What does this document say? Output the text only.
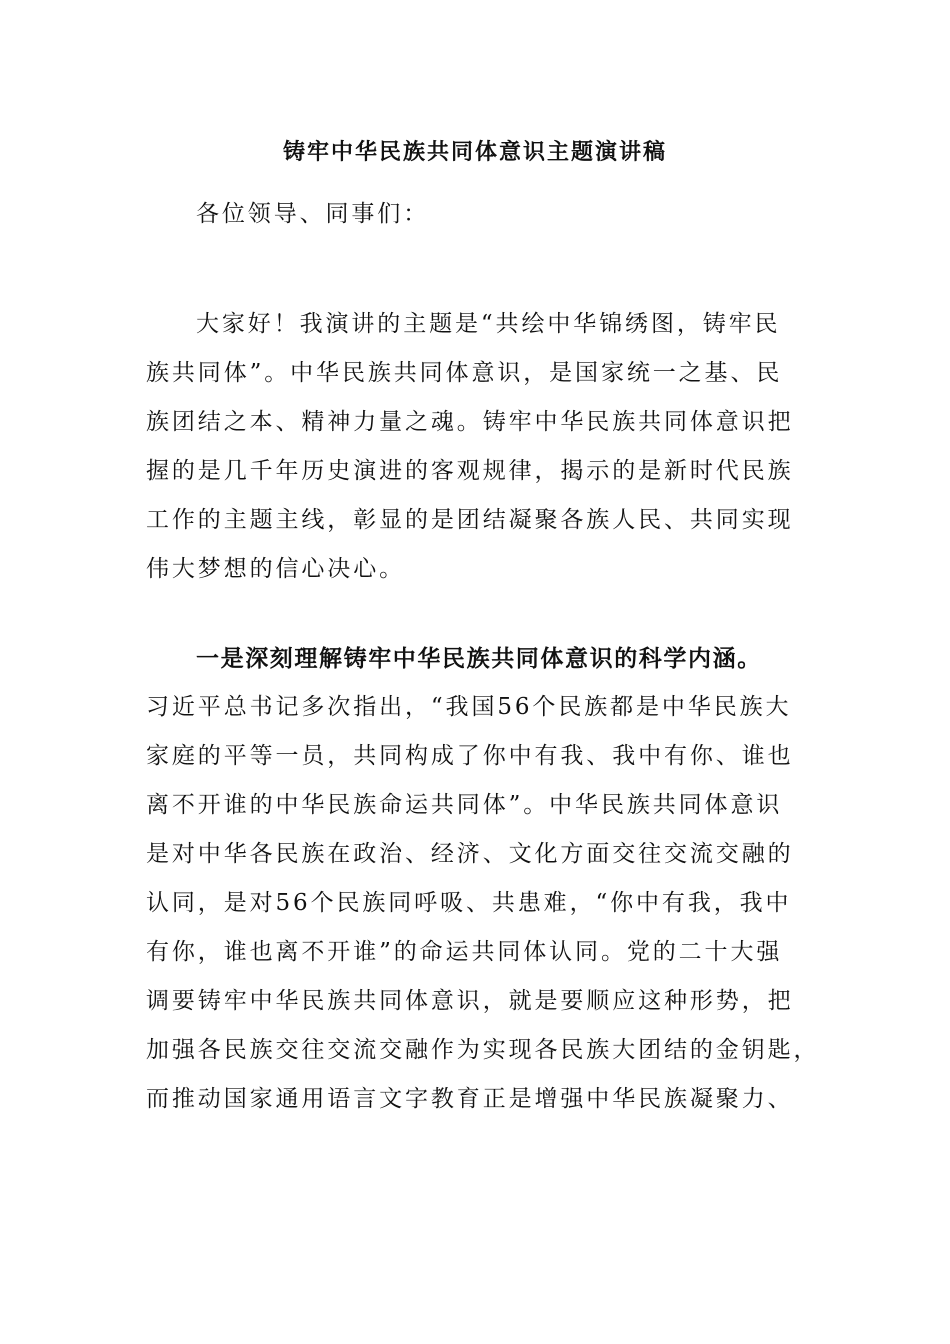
铸牢中华民族共同体意识主题演讲稿

各位领导、同事们：

大家好！我演讲的主题是“共绘中华锦绣图，铸牢民

族共同体”。中华民族共同体意识，是国家统一之基、民

族团结之本、精神力量之魂。铸牢中华民族共同体意识把

握的是几千年历史演进的客观规律，揭示的是新时代民族

工作的主题主线，彰显的是团结凝聚各族人民、共同实现

伟大梦想的信心决心。

一是深刻理解铸牢中华民族共同体意识的科学内涵。

习近平总书记多次指出，“我国56个民族都是中华民族大

家庭的平等一员，共同构成了你中有我、我中有你、谁也

离不开谁的中华民族命运共同体”。中华民族共同体意识

是对中华各民族在政治、经济、文化方面交往交流交融的

认同，是对56个民族同呼吸、共患难，“你中有我，我中

有你，谁也离不开谁”的命运共同体认同。党的二十大强

调要铸牢中华民族共同体意识，就是要顺应这种形势，把

加强各民族交往交流交融作为实现各民族大团结的金钥匙，

而推动国家通用语言文字教育正是增强中华民族凝聚力、
